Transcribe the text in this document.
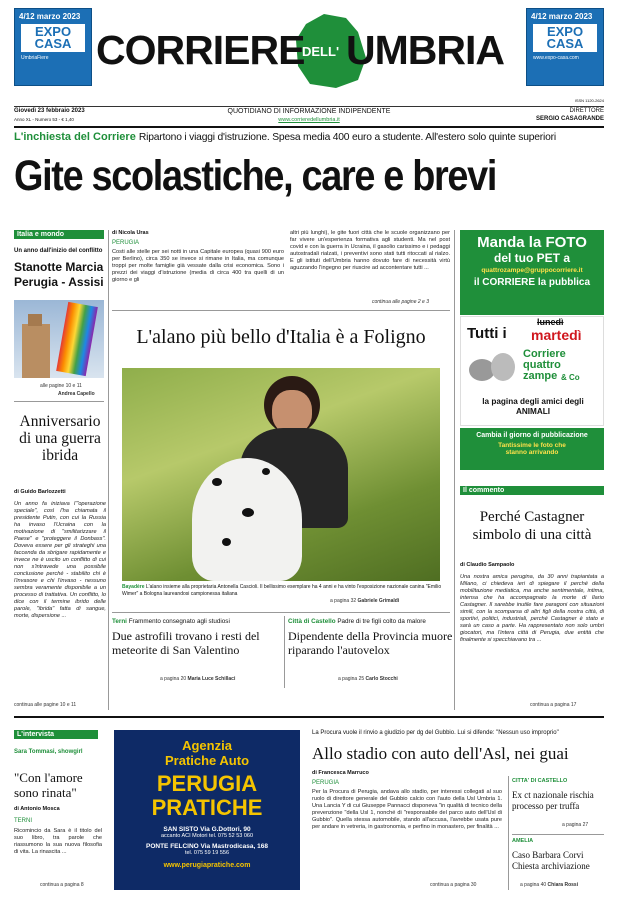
4/12 marzo 2023
EXPO
CASA
UmbriaFiere
4/12 marzo 2023
EXPO
CASA
www.expo-casa.com
CORRIERE
DELL' UMBRIA
ISSN 1120-2624
Giovedì 23 febbraio 2023
Anno XL - Numero 53 - € 1,40
QUOTIDIANO DI INFORMAZIONE INDIPENDENTE
www.corrieredellumbria.it
DIRETTORE
SERGIO CASAGRANDE
L'inchiesta del Corriere Ripartono i viaggi d'istruzione. Spesa media 400 euro a studente. All'estero solo quinte superiori
Gite scolastiche, care e brevi
Italia e mondo
Un anno dall'inizio del conflitto
Stanotte Marcia Perugia - Assisi
alle pagine 10 e 11
Andrea Capello
Anniversario di una guerra ibrida
di Guido Barlozzetti
Un anno fa iniziava l'"operazione speciale", così l'ha chiamata il presidente Putin, con cui la Russia ha invaso l'Ucraina con la motivazione di "smilitarizzare il Paese" e "proteggere il Donbass". Doveva essere per gli strateghi una faccenda da sbrigare rapidamente e invece ne è uscito un conflitto di cui non s'intravede una possibile conclusione perché - stabilito chi è l'invasore e chi l'invaso - nessuno sembra veramente disponibile a un processo di trattativa. Un conflitto, lo dice con il termine ibrido delle parole, "ibrida" fatta di sangue, morte, dispersione ...
continua alle pagine 10 e 11
di Nicola Uras
PERUGIA
Costi alle stelle per sei notti in una Capitale europea (quasi 900 euro per Berlino), circa 350 se invece si rimane in Italia, ma comunque troppi per molte famiglie già vessate dalla crisi economica. Sono i prezzi dei viaggi d'istruzione (media di circa 400 tra quelli di un giorno e gli
altri più lunghi), le gite fuori città che le scuole organizzano per far vivere un'esperienza formativa agli studenti. Ma nel post covid e con la guerra in Ucraina, il gasolio carissimo e i pedaggi autostradali rialzati, i preventivi sono stati tutti ritoccati al rialzo. E gli istituti dell'Umbria hanno dovuto fare di necessità virtù aguzzando l'ingegno per riuscire ad accontentare tutti ...
continua alle pagine 2 e 3
L'alano più bello d'Italia è a Foligno
Bayadère L'alano insieme alla proprietaria Antonella Cascioli. Il bellissimo esemplare ha 4 anni e ha vinto l'esposizione nazionale canina "Emilio Wimer" a Bologna laureandosi campionessa italiana
a pagina 32 Gabriele Grimaldi
Terni Frammento consegnato agli studiosi
Due astrofili trovano i resti del meteorite di San Valentino
a pagina 20 Maria Luce Schillaci
Città di Castello Padre di tre figli colto da malore
Dipendente della Provincia muore riparando l'autovelox
a pagina 25 Carlo Stocchi
Manda la FOTO
del tuo PET a
quattrozampe@gruppocorriere.it
il CORRIERE la pubblica
Tutti i
lunedì
martedì
Corriere
quattro
zampe & Co
la pagina degli amici degli ANIMALI
Cambia il giorno di pubblicazione
Tantissime le foto che stanno arrivando
Il commento
Perché Castagner simbolo di una città
di Claudio Sampaolo
Una nostra amica perugina, da 30 anni trapiantata a Milano, ci chiedeva ieri di spiegare il perché della mobilitazione mediatica, ma anche sentimentale, intima, intensa che ha accompagnato la morte di Ilario Castagner. Il sarebbe inutile fare paragoni con situazioni simili, con la scomparsa di altri figli della nostra città, di sportivi, politici, industriali, perché Castagner è stato e sarà un caso a parte. Ha rappresentato non solo umbri giocatori, ma l'intera città di Perugia, due entità che finalmente si specchiavano tra ...
continua a pagina 17
L'intervista
Sara Tommasi, showgirl
"Con l'amore sono rinata"
di Antonio Mosca
TERNI
Ricomincio da Sara è il titolo del suo libro, tra parole che riassumono la sua nuova filosofia di vita. La rinascita ...
continua a pagina 8
Agenzia
Pratiche Auto
PERUGIA
PRATICHE
SAN SISTO Via G.Dottori, 90
accanto ACI Motori tel. 075 52 53 060
PONTE FELCINO Via Mastrodicasa, 168
tel. 075 59 19 556
www.perugiapratiche.com
La Procura vuole il rinvio a giudizio per dg del Gubbio. Lui si difende: "Nessun uso improprio"
Allo stadio con auto dell'Asl, nei guai
di Francesca Marruco
PERUGIA
Per la Procura di Perugia, andava allo stadio, per interessi collegati al suo ruolo di direttore generale del Gubbio calcio con l'auto della Usl Umbria 1. Una Lancia Y di cui Giuseppe Pannacci disponeva "in qualità di tecnico della prevenzione "della Usl 1, nonché di "responsabile del parco auto dell'Usl di Gubbio". Quella stessa automobile, stando all'accusa, l'avrebbe usata pure per andare in vetreria, in gastronomia, e perfino in monastero, per finalità ...
continua a pagina 30
CITTA' DI CASTELLO
Ex ct nazionale rischia processo per truffa
a pagina 27
AMELIA
Caso Barbara Corvi Chiesta archiviazione
a pagina 40 Chiara Rossi
